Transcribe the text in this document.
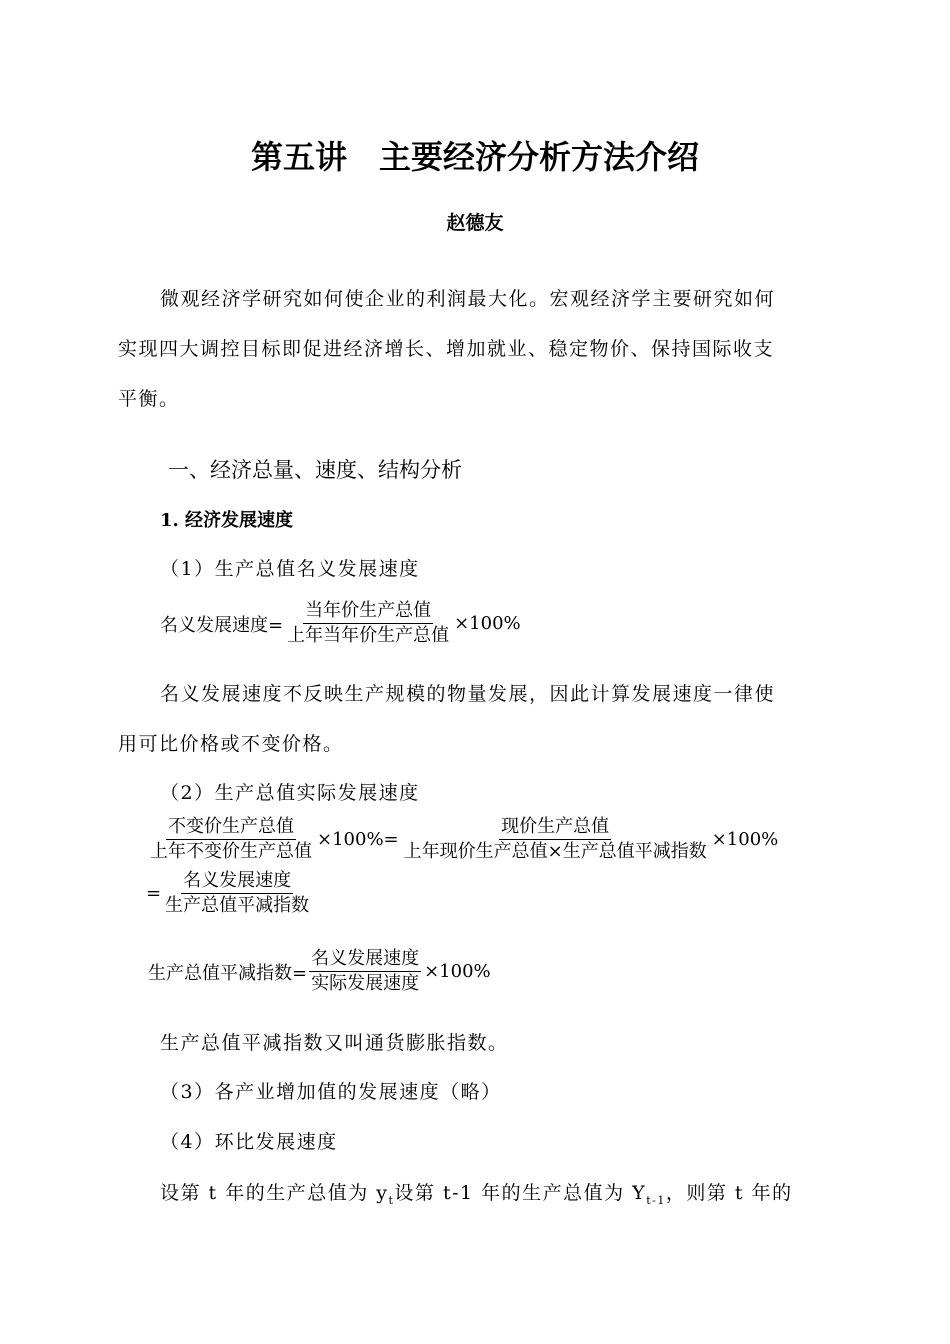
第五讲　主要经济分析方法介绍
赵德友
微观经济学研究如何使企业的利润最大化。宏观经济学主要研究如何
实现四大调控目标即促进经济增长、增加就业、稳定物价、保持国际收支
平衡。
一、经济总量、速度、结构分析
1. 经济发展速度
（1）生产总值名义发展速度
名义发展速度= $\frac{\text{当年价生产总值}}{\text{上年当年价生产总值}} \times 100\%$
名义发展速度不反映生产规模的物量发展，因此计算发展速度一律使
用可比价格或不变价格。
（2）生产总值实际发展速度
$\frac{\text{不变价生产总值}}{\text{上年不变价生产总值}} \times 100\%= \frac{\text{现价生产总值}}{\text{上年现价生产总值×生产总值平减指数}} \times 100\%$
= $\frac{\text{名义发展速度}}{\text{生产总值平减指数}}$
生产总值平减指数= $\frac{\text{名义发展速度}}{\text{实际发展速度}} \times 100\%$
生产总值平减指数又叫通货膨胀指数。
（3）各产业增加值的发展速度（略）
（4）环比发展速度
设第 t 年的生产总值为 $y_t$设第 t-1 年的生产总值为 $Y_{t-1}$，则第 t 年的
